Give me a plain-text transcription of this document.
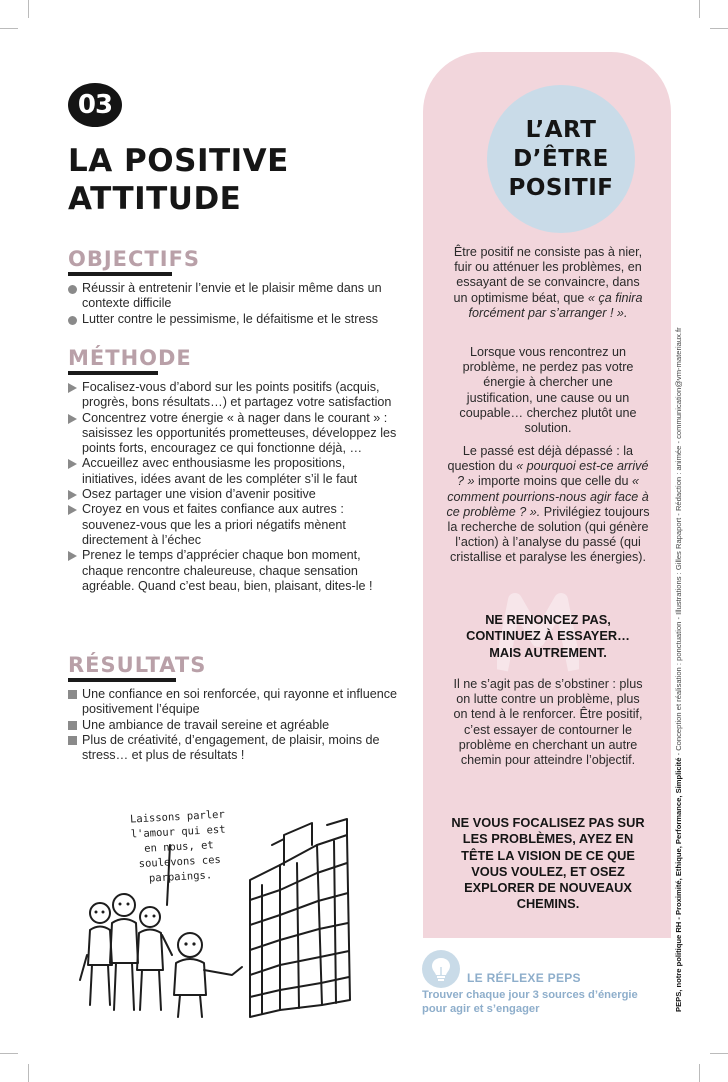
03
LA POSITIVE
ATTITUDE
OBJECTIFS
Réussir à entretenir l’envie et le plaisir même dans un contexte difficile
Lutter contre le pessimisme, le défaitisme et le stress
MÉTHODE
Focalisez-vous d’abord sur les points positifs (acquis, progrès, bons résultats…) et partagez votre satisfaction
Concentrez votre énergie « à nager dans le courant » : saisissez les opportunités prometteuses, développez les points forts, encouragez ce qui fonctionne déjà, …
Accueillez avec enthousiasme les propositions, initiatives, idées avant de les compléter s’il le faut
Osez partager une vision d’avenir positive
Croyez en vous et faites confiance aux autres : souvenez-vous que les a priori négatifs mènent directement à l’échec
Prenez le temps d’apprécier chaque bon moment, chaque rencontre chaleureuse, chaque sensation agréable. Quand c’est beau, bien, plaisant, dites-le !
RÉSULTATS
Une confiance en soi renforcée, qui rayonne et influence positivement l’équipe
Une ambiance de travail sereine et agréable
Plus de créativité, d’engagement, de plaisir, moins de stress… et plus de résultats !
Laissons parler
l'amour qui est
en nous, et
soulevons ces
parpaings.
L’ART
D’ÊTRE
POSITIF

Être positif ne consiste pas à nier, fuir ou atténuer les problèmes, en essayant de se convaincre, dans un optimisme béat, que « ça finira forcément par s’arranger ! ».

Lorsque vous rencontrez un problème, ne perdez pas votre énergie à chercher une justification, une cause ou un coupable… cherchez plutôt une solution.

Le passé est déjà dépassé : la question du « pourquoi est-ce arrivé ? » importe moins que celle du « comment pourrions-nous agir face à ce problème ? ». Privilégiez toujours la recherche de solution (qui génère l’action) à l’analyse du passé (qui cristallise et paralyse les énergies).

NE RENONCEZ PAS, CONTINUEZ À ESSAYER… MAIS AUTREMENT.

Il ne s’agit pas de s’obstiner : plus on lutte contre un problème, plus on tend à le renforcer. Être positif, c’est essayer de contourner le problème en cherchant un autre chemin pour atteindre l’objectif.

NE VOUS FOCALISEZ PAS SUR LES PROBLÈMES, AYEZ EN TÊTE LA VISION DE CE QUE VOUS VOULEZ, ET OSEZ EXPLORER DE NOUVEAUX CHEMINS.

LE RÉFLEXE PEPS
Trouver chaque jour 3 sources d’énergie pour agir et s’engager	PEPS, notre politique RH - Proximité, Ethique, Performance, Simplicité - Conception et réalisation : ponctuation - Illustrations : Gilles Rapaport - Rédaction : animée - communication@vm-materiaux.fr
